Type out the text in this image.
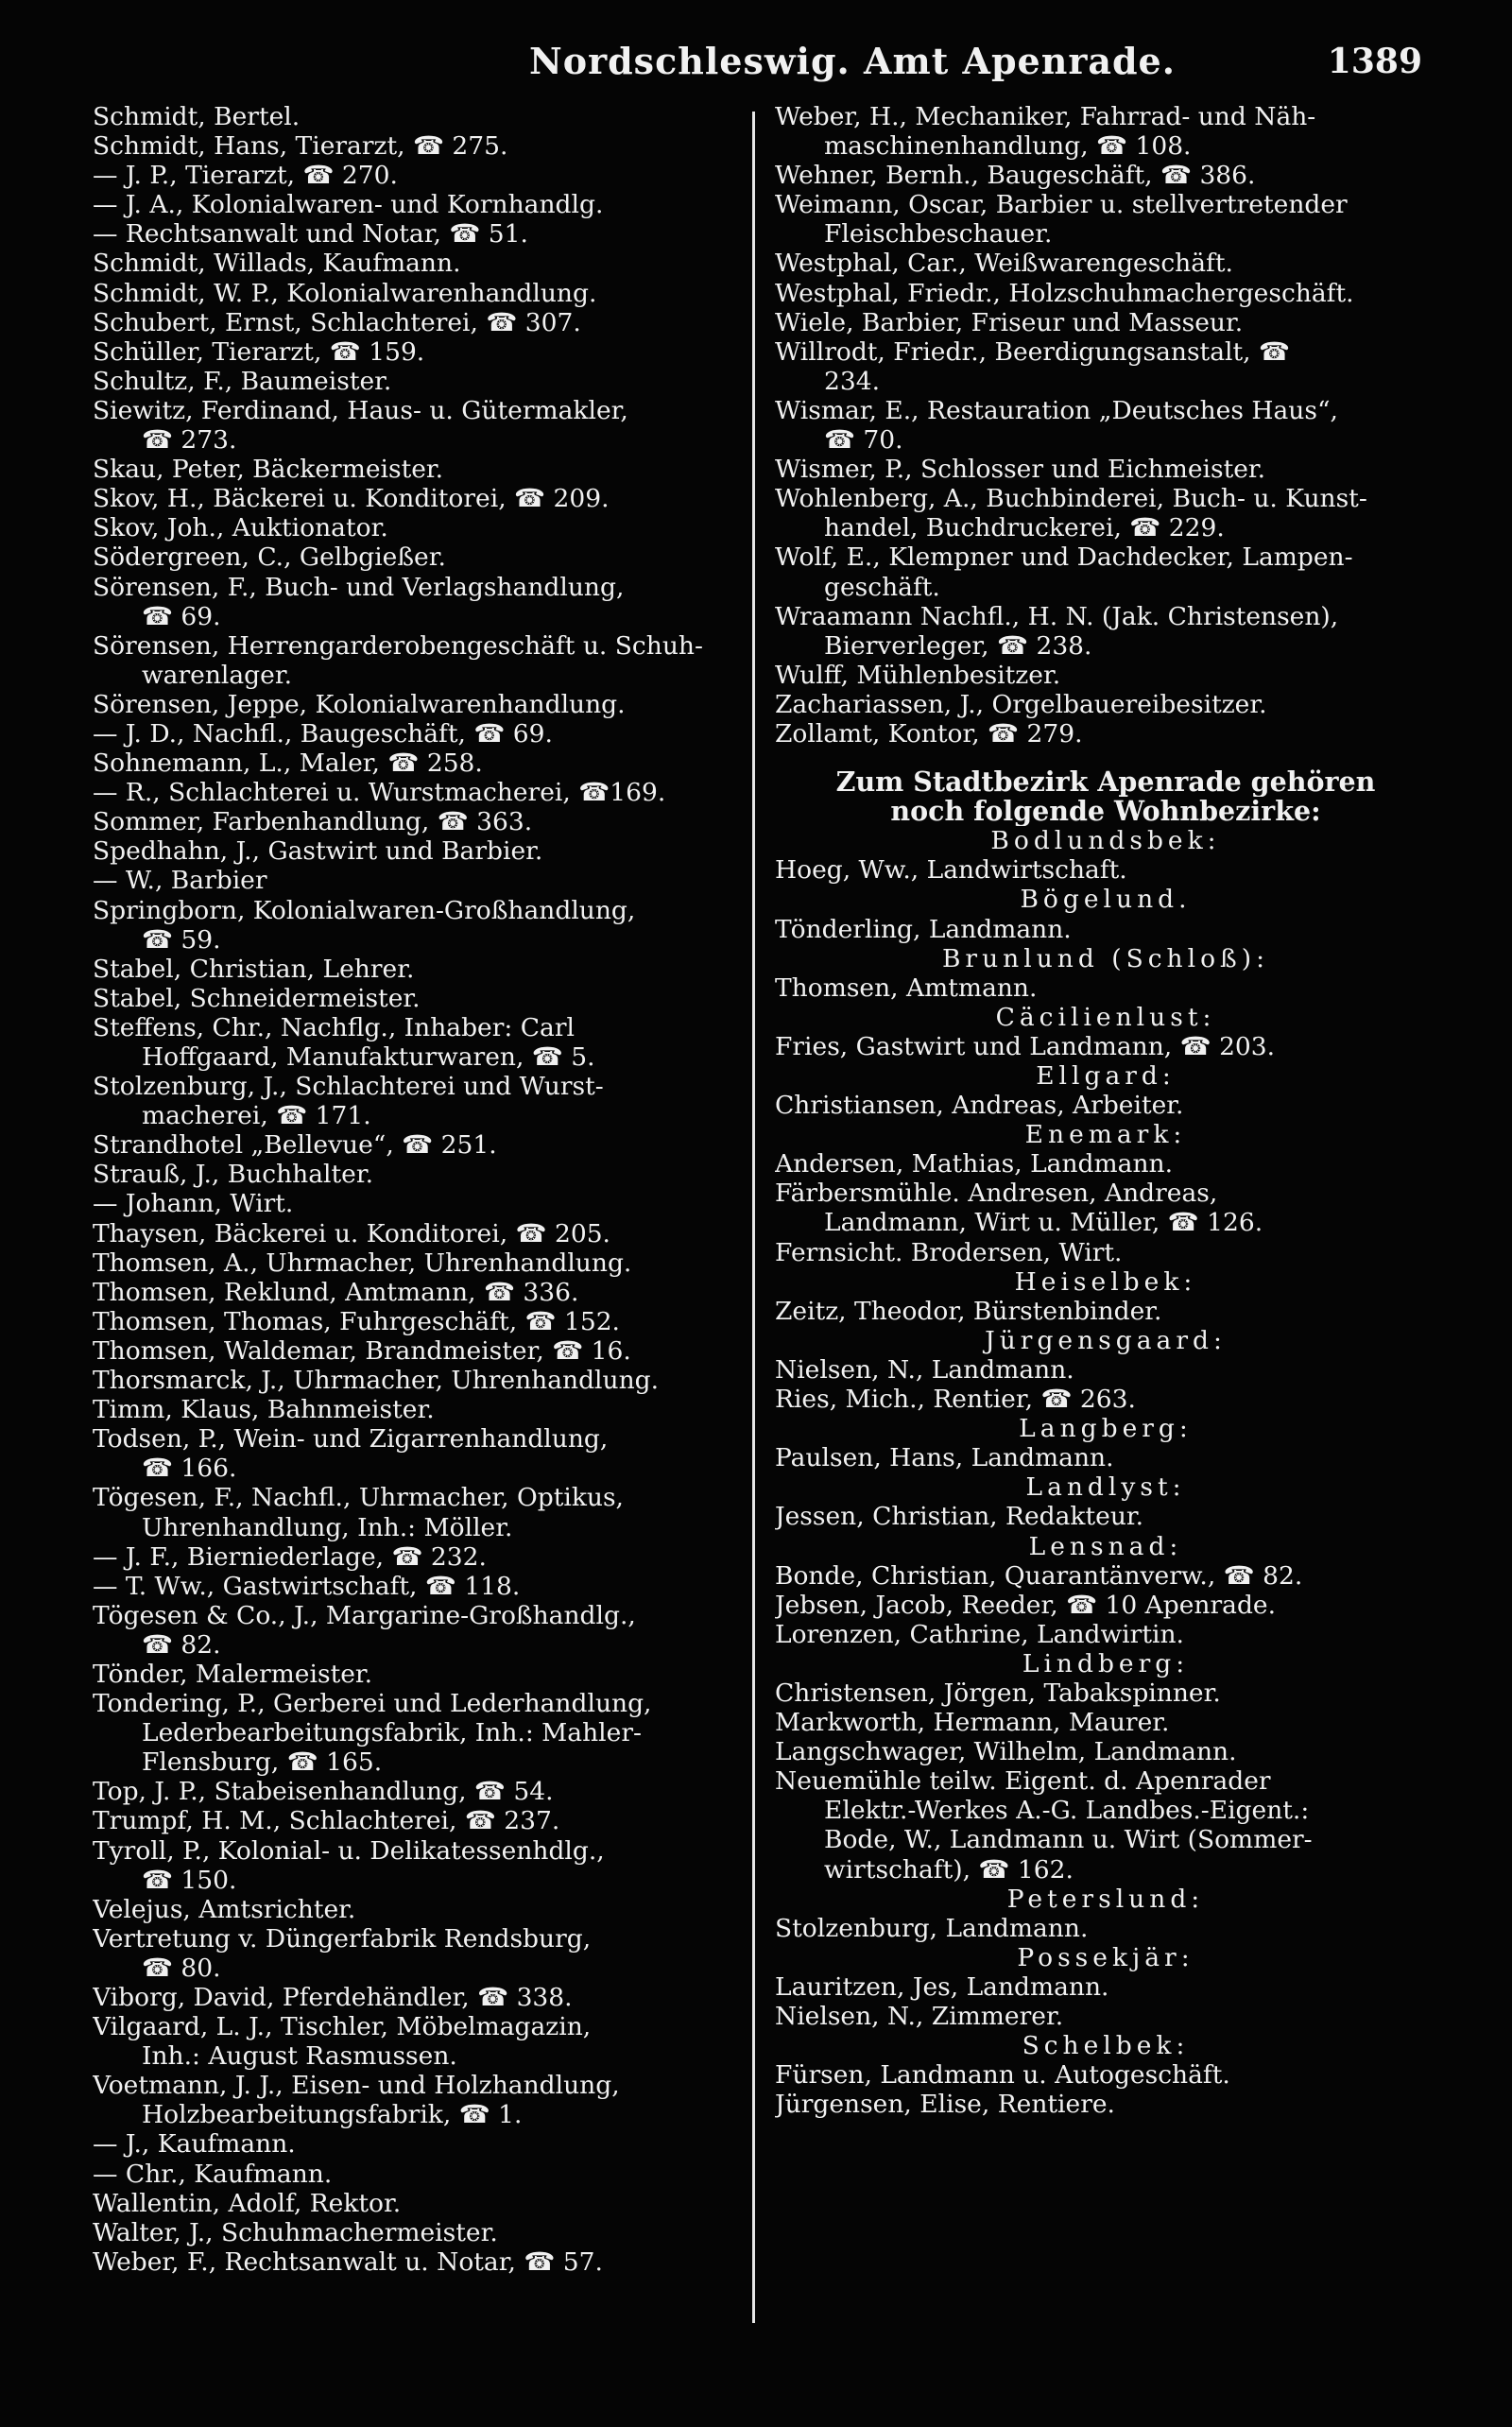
Nordschleswig. Amt Apenrade.	1389
Schmidt, Bertel.
Schmidt, Hans, Tierarzt, ☎ 275.
— J. P., Tierarzt, ☎ 270.
— J. A., Kolonialwaren- und Kornhandlg.
— Rechtsanwalt und Notar, ☎ 51.
Schmidt, Willads, Kaufmann.
Schmidt, W. P., Kolonialwarenhandlung.
Schubert, Ernst, Schlachterei, ☎ 307.
Schüller, Tierarzt, ☎ 159.
Schultz, F., Baumeister.
Siewitz, Ferdinand, Haus- u. Gütermakler,
☎ 273.
Skau, Peter, Bäckermeister.
Skov, H., Bäckerei u. Konditorei, ☎ 209.
Skov, Joh., Auktionator.
Södergreen, C., Gelbgießer.
Sörensen, F., Buch- und Verlagshandlung,
☎ 69.
Sörensen, Herrengarderobengeschäft u. Schuh-
warenlager.
Sörensen, Jeppe, Kolonialwarenhandlung.
— J. D., Nachfl., Baugeschäft, ☎ 69.
Sohnemann, L., Maler, ☎ 258.
— R., Schlachterei u. Wurstmacherei, ☎169.
Sommer, Farbenhandlung, ☎ 363.
Spedhahn, J., Gastwirt und Barbier.
— W., Barbier
Springborn, Kolonialwaren-Großhandlung,
☎ 59.
Stabel, Christian, Lehrer.
Stabel, Schneidermeister.
Steffens, Chr., Nachflg., Inhaber: Carl
Hoffgaard, Manufakturwaren, ☎ 5.
Stolzenburg, J., Schlachterei und Wurst-
macherei, ☎ 171.
Strandhotel „Bellevue“, ☎ 251.
Strauß, J., Buchhalter.
— Johann, Wirt.
Thaysen, Bäckerei u. Konditorei, ☎ 205.
Thomsen, A., Uhrmacher, Uhrenhandlung.
Thomsen, Reklund, Amtmann, ☎ 336.
Thomsen, Thomas, Fuhrgeschäft, ☎ 152.
Thomsen, Waldemar, Brandmeister, ☎ 16.
Thorsmarck, J., Uhrmacher, Uhrenhandlung.
Timm, Klaus, Bahnmeister.
Todsen, P., Wein- und Zigarrenhandlung,
☎ 166.
Tögesen, F., Nachfl., Uhrmacher, Optikus,
Uhrenhandlung, Inh.: Möller.
— J. F., Bierniederlage, ☎ 232.
— T. Ww., Gastwirtschaft, ☎ 118.
Tögesen & Co., J., Margarine-Großhandlg.,
☎ 82.
Tönder, Malermeister.
Tondering, P., Gerberei und Lederhandlung,
Lederbearbeitungsfabrik, Inh.: Mahler-
Flensburg, ☎ 165.
Top, J. P., Stabeisenhandlung, ☎ 54.
Trumpf, H. M., Schlachterei, ☎ 237.
Tyroll, P., Kolonial- u. Delikatessenhdlg.,
☎ 150.
Velejus, Amtsrichter.
Vertretung v. Düngerfabrik Rendsburg,
☎ 80.
Viborg, David, Pferdehändler, ☎ 338.
Vilgaard, L. J., Tischler, Möbelmagazin,
Inh.: August Rasmussen.
Voetmann, J. J., Eisen- und Holzhandlung,
Holzbearbeitungsfabrik, ☎ 1.
— J., Kaufmann.
— Chr., Kaufmann.
Wallentin, Adolf, Rektor.
Walter, J., Schuhmachermeister.
Weber, F., Rechtsanwalt u. Notar, ☎ 57.
Weber, H., Mechaniker, Fahrrad- und Näh-
maschinenhandlung, ☎ 108.
Wehner, Bernh., Baugeschäft, ☎ 386.
Weimann, Oscar, Barbier u. stellvertretender
Fleischbeschauer.
Westphal, Car., Weißwarengeschäft.
Westphal, Friedr., Holzschuhmachergeschäft.
Wiele, Barbier, Friseur und Masseur.
Willrodt, Friedr., Beerdigungsanstalt, ☎
234.
Wismar, E., Restauration „Deutsches Haus“,
☎ 70.
Wismer, P., Schlosser und Eichmeister.
Wohlenberg, A., Buchbinderei, Buch- u. Kunst-
handel, Buchdruckerei, ☎ 229.
Wolf, E., Klempner und Dachdecker, Lampen-
geschäft.
Wraamann Nachfl., H. N. (Jak. Christensen),
Bierverleger, ☎ 238.
Wulff, Mühlenbesitzer.
Zachariassen, J., Orgelbauereibesitzer.
Zollamt, Kontor, ☎ 279.
Zum Stadtbezirk Apenrade gehören
noch folgende Wohnbezirke:
Bodlundsbek:
Hoeg, Ww., Landwirtschaft.
Bögelund.
Tönderling, Landmann.
Brunlund (Schloß):
Thomsen, Amtmann.
Cäcilienlust:
Fries, Gastwirt und Landmann, ☎ 203.
Ellgard:
Christiansen, Andreas, Arbeiter.
Enemark:
Andersen, Mathias, Landmann.
Färbersmühle. Andresen, Andreas,
Landmann, Wirt u. Müller, ☎ 126.
Fernsicht. Brodersen, Wirt.
Heiselbek:
Zeitz, Theodor, Bürstenbinder.
Jürgensgaard:
Nielsen, N., Landmann.
Ries, Mich., Rentier, ☎ 263.
Langberg:
Paulsen, Hans, Landmann.
Landlyst:
Jessen, Christian, Redakteur.
Lensnad:
Bonde, Christian, Quarantänverw., ☎ 82.
Jebsen, Jacob, Reeder, ☎ 10 Apenrade.
Lorenzen, Cathrine, Landwirtin.
Lindberg:
Christensen, Jörgen, Tabakspinner.
Markworth, Hermann, Maurer.
Langschwager, Wilhelm, Landmann.
Neuemühle teilw. Eigent. d. Apenrader
Elektr.-Werkes A.-G. Landbes.-Eigent.:
Bode, W., Landmann u. Wirt (Sommer-
wirtschaft), ☎ 162.
Peterslund:
Stolzenburg, Landmann.
Possekjär:
Lauritzen, Jes, Landmann.
Nielsen, N., Zimmerer.
Schelbek:
Fürsen, Landmann u. Autogeschäft.
Jürgensen, Elise, Rentiere.
